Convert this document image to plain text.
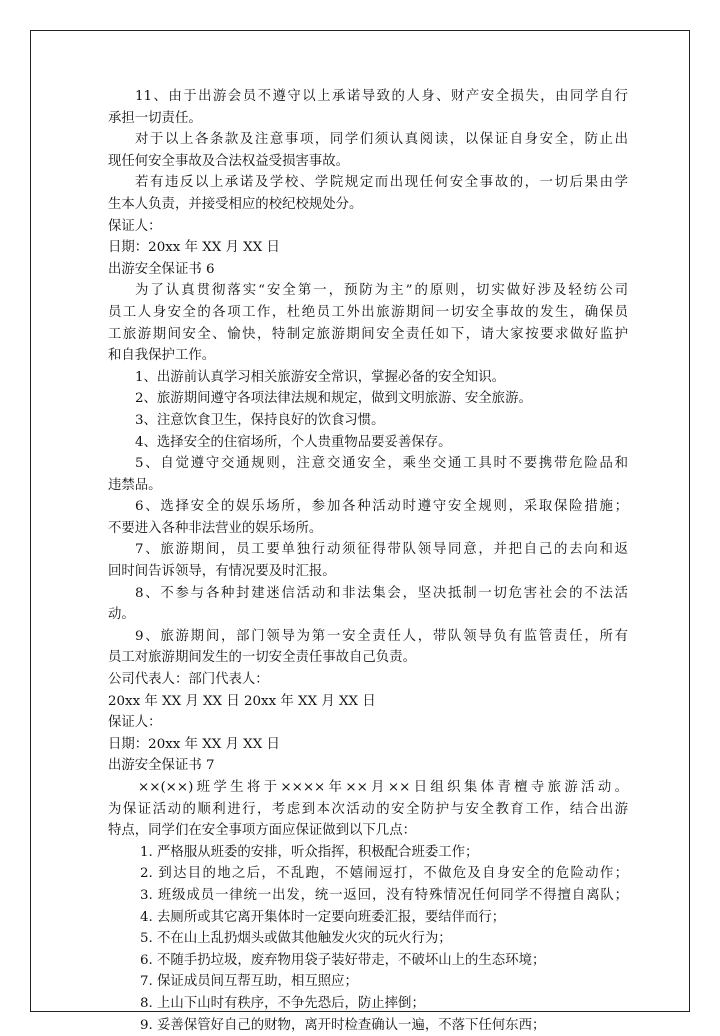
11、由于出游会员不遵守以上承诺导致的人身、财产安全损失，由同学自行
承担一切责任。
对于以上各条款及注意事项，同学们须认真阅读，以保证自身安全，防止出
现任何安全事故及合法权益受损害事故。
若有违反以上承诺及学校、学院规定而出现任何安全事故的，一切后果由学
生本人负责，并接受相应的校纪校规处分。
保证人：
日期：20xx 年 XX 月 XX 日
出游安全保证书 6
为了认真贯彻落实“安全第一，预防为主”的原则，切实做好涉及轻纺公司
员工人身安全的各项工作，杜绝员工外出旅游期间一切安全事故的发生，确保员
工旅游期间安全、愉快，特制定旅游期间安全责任如下，请大家按要求做好监护
和自我保护工作。
1、出游前认真学习相关旅游安全常识，掌握必备的安全知识。
2、旅游期间遵守各项法律法规和规定，做到文明旅游、安全旅游。
3、注意饮食卫生，保持良好的饮食习惯。
4、选择安全的住宿场所，个人贵重物品要妥善保存。
5、自觉遵守交通规则，注意交通安全，乘坐交通工具时不要携带危险品和
违禁品。
6、选择安全的娱乐场所，参加各种活动时遵守安全规则，采取保险措施；
不要进入各种非法营业的娱乐场所。
7、旅游期间，员工要单独行动须征得带队领导同意，并把自己的去向和返
回时间告诉领导，有情况要及时汇报。
8、不参与各种封建迷信活动和非法集会，坚决抵制一切危害社会的不法活
动。
9、旅游期间，部门领导为第一安全责任人，带队领导负有监管责任，所有
员工对旅游期间发生的一切安全责任事故自己负责。
公司代表人：部门代表人：
20xx 年 XX 月 XX 日 20xx 年 XX 月 XX 日
保证人：
日期：20xx 年 XX 月 XX 日
出游安全保证书 7
××(××)班学生将于××××年××月××日组织集体青檀寺旅游活动。
为保证活动的顺利进行，考虑到本次活动的安全防护与安全教育工作，结合出游
特点，同学们在安全事项方面应保证做到以下几点：
1. 严格服从班委的安排，听众指挥，积极配合班委工作；
2. 到达目的地之后，不乱跑，不嬉闹逗打，不做危及自身安全的危险动作；
3. 班级成员一律统一出发，统一返回，没有特殊情况任何同学不得擅自离队；
4. 去厕所或其它离开集体时一定要向班委汇报，要结伴而行；
5. 不在山上乱扔烟头或做其他触发火灾的玩火行为；
6. 不随手扔垃圾，废弃物用袋子装好带走，不破坏山上的生态环境；
7. 保证成员间互帮互助，相互照应；
8. 上山下山时有秩序，不争先恐后，防止摔倒；
9. 妥善保管好自己的财物，离开时检查确认一遍，不落下任何东西；
